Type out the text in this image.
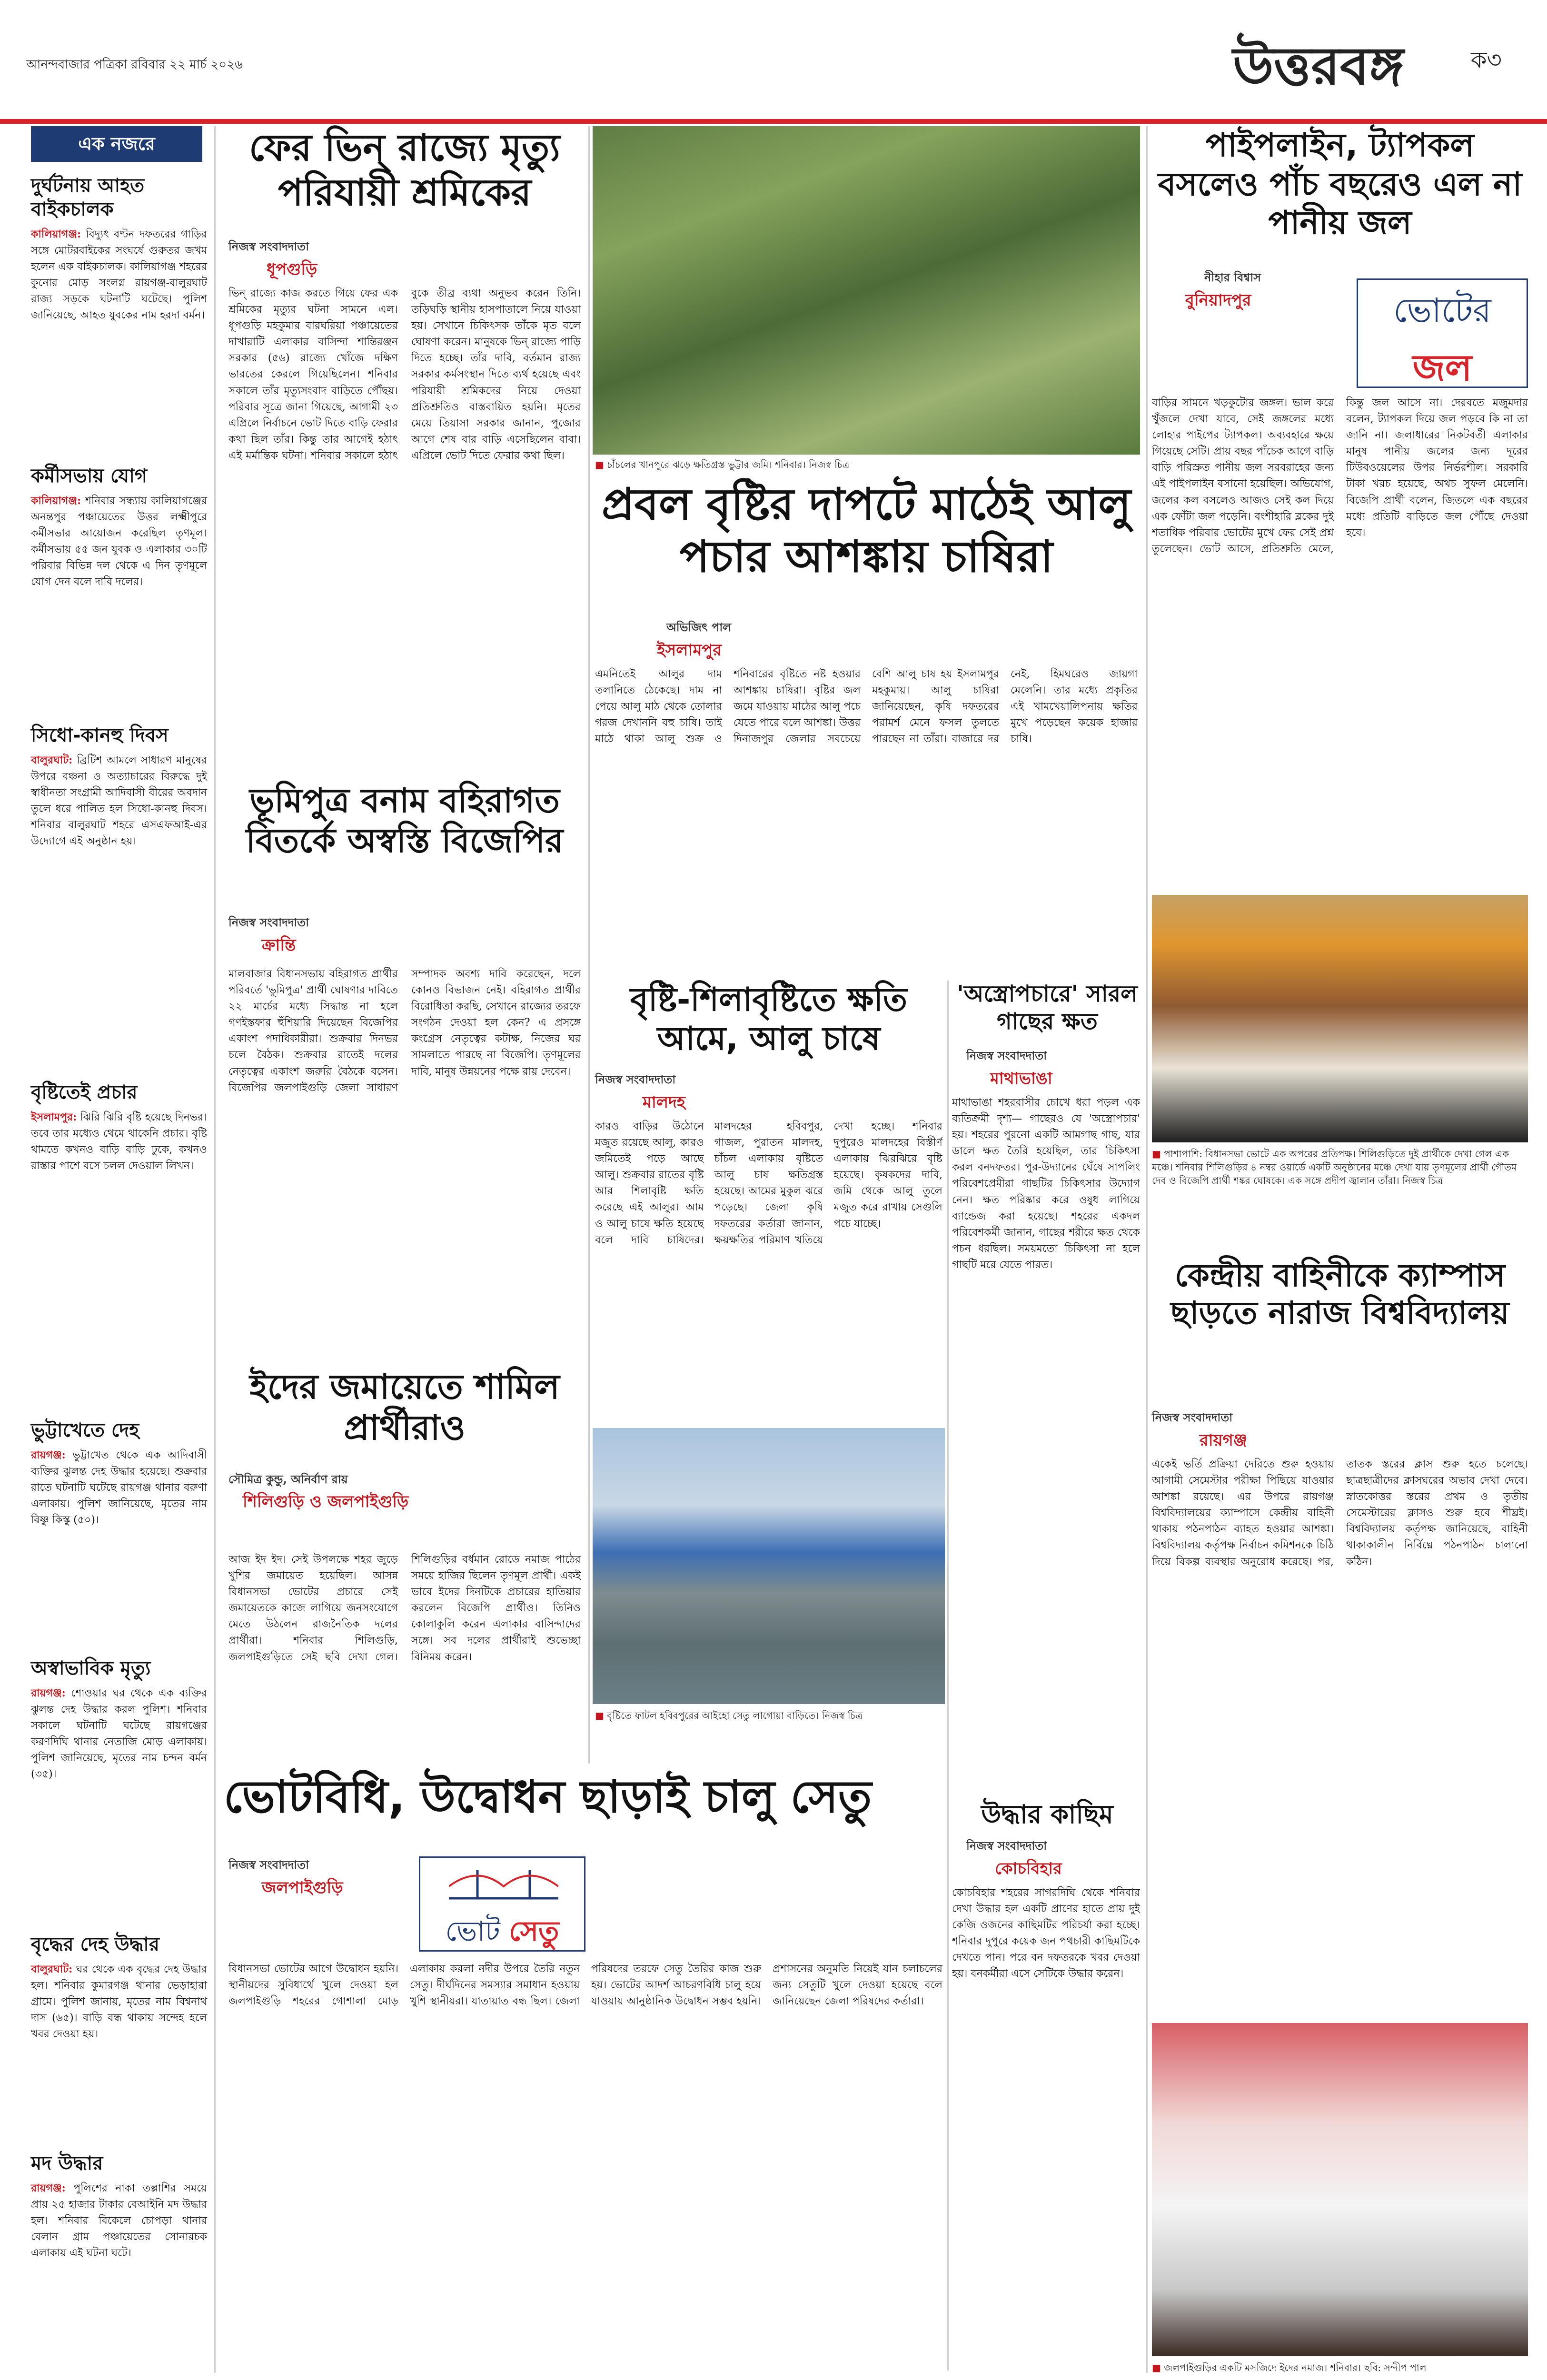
আনন্দবাজার পত্রিকা রবিবার ২২ মার্চ ২০২৬	উত্তরবঙ্গ	ক৩
এক নজরে
দুর্ঘটনায় আহত বাইকচালক

কালিয়াগঞ্জ: বিদ্যুৎ বণ্টন দফতরের গাড়ির সঙ্গে মোটরবাইকের সংঘর্ষে গুরুতর জখম হলেন এক বাইকচালক। কালিয়াগঞ্জ শহরের কুনোর মোড় সংলগ্ন রায়গঞ্জ-বালুরঘাট রাজ্য সড়কে ঘটনাটি ঘটেছে। পুলিশ জানিয়েছে, আহত যুবকের নাম হরদা বর্মন।

কর্মীসভায় যোগ

কালিয়াগঞ্জ: শনিবার সন্ধ্যায় কালিয়াগঞ্জের অনন্তপুর পঞ্চায়েতের উত্তর লক্ষ্মীপুরে কর্মীসভার আয়োজন করেছিল তৃণমূল। কর্মীসভায় ৫৫ জন যুবক ও এলাকার ৩০টি পরিবার বিভিন্ন দল থেকে এ দিন তৃণমূলে যোগ দেন বলে দাবি দলের।

সিধো-কানহু দিবস

বালুরঘাট: ব্রিটিশ আমলে সাধারণ মানুষের উপরে বঞ্চনা ও অত্যাচারের বিরুদ্ধে দুই স্বাধীনতা সংগ্রামী আদিবাসী বীরের অবদান তুলে ধরে পালিত হল সিধো-কানহু দিবস। শনিবার বালুরঘাট শহরে এসএফআই-এর উদ্যোগে এই অনুষ্ঠান হয়।

বৃষ্টিতেই প্রচার

ইসলামপুর: ঝিরি ঝিরি বৃষ্টি হয়েছে দিনভর। তবে তার মধ্যেও থেমে থাকেনি প্রচার। বৃষ্টি থামতে কখনও বাড়ি বাড়ি ঢুকে, কখনও রাস্তার পাশে বসে চলল দেওয়াল লিখন।

ভুট্টাখেতে দেহ

রায়গঞ্জ: ভুট্টাখেত থেকে এক আদিবাসী ব্যক্তির ঝুলন্ত দেহ উদ্ধার হয়েছে। শুক্রবার রাতে ঘটনাটি ঘটেছে রায়গঞ্জ থানার বরুণা এলাকায়। পুলিশ জানিয়েছে, মৃতের নাম বিষ্ণু কিস্কু (৫০)।

অস্বাভাবিক মৃত্যু

রায়গঞ্জ: শোওয়ার ঘর থেকে এক ব্যক্তির ঝুলন্ত দেহ উদ্ধার করল পুলিশ। শনিবার সকালে ঘটনাটি ঘটেছে রায়গঞ্জের করণদিঘি থানার নেতাজি মোড় এলাকায়। পুলিশ জানিয়েছে, মৃতের নাম চন্দন বর্মন (৩৫)।

বৃদ্ধের দেহ উদ্ধার

বালুরঘাট: ঘর থেকে এক বৃদ্ধের দেহ উদ্ধার হল। শনিবার কুমারগঞ্জ থানার ভেড়াহারা গ্রামে। পুলিশ জানায়, মৃতের নাম বিশ্বনাথ দাস (৬৫)। বাড়ি বন্ধ থাকায় সন্দেহ হলে খবর দেওয়া হয়।

মদ উদ্ধার

রায়গঞ্জ: পুলিশের নাকা তল্লাশির সময়ে প্রায় ২৫ হাজার টাকার বেআইনি মদ উদ্ধার হল। শনিবার বিকেলে চোপড়া থানার বেলান গ্রাম পঞ্চায়েতের সোনারচক এলাকায় এই ঘটনা ঘটে।

ফের ভিন্ রাজ্যে মৃত্যু পরিযায়ী শ্রমিকের
নিজস্ব সংবাদদাতা
ধূপগুড়ি
ভিন্ রাজ্যে কাজ করতে গিয়ে ফের এক শ্রমিকের মৃত্যুর ঘটনা সামনে এল। ধূপগুড়ি মহকুমার বারঘরিয়া পঞ্চায়েতের দাখারাটি এলাকার বাসিন্দা শান্তিরঞ্জন সরকার (৫৬) রাজ্যে খোঁজে দক্ষিণ ভারতের কেরলে গিয়েছিলেন। শনিবার সকালে তাঁর মৃত্যুসংবাদ বাড়িতে পৌঁছয়। পরিবার সূত্রে জানা গিয়েছে, আগামী ২৩ এপ্রিলে নির্বাচনে ভোট দিতে বাড়ি ফেরার কথা ছিল তাঁর। কিন্তু তার আগেই হঠাৎ এই মর্মান্তিক ঘটনা। শনিবার সকালে হঠাৎ বুকে তীব্র ব্যথা অনুভব করেন তিনি। তড়িঘড়ি স্থানীয় হাসপাতালে নিয়ে যাওয়া হয়। সেখানে চিকিৎসক তাঁকে মৃত বলে ঘোষণা করেন। মানুষকে ভিন্ রাজ্যে পাড়ি দিতে হচ্ছে। তাঁর দাবি, বর্তমান রাজ্য সরকার কর্মসংস্থান দিতে ব্যর্থ হয়েছে এবং পরিযায়ী শ্রমিকদের নিয়ে দেওয়া প্রতিশ্রুতিও বাস্তবায়িত হয়নি। মৃতের মেয়ে তিয়াসা সরকার জানান, পুজোর আগে শেষ বার বাড়ি এসেছিলেন বাবা। এপ্রিলে ভোট দিতে ফেরার কথা ছিল।
■ চাঁচলের খানপুরে ঝড়ে ক্ষতিগ্রস্ত ভুট্টার জমি। শনিবার। নিজস্ব চিত্র
প্রবল বৃষ্টির দাপটে মাঠেই আলু পচার আশঙ্কায় চাষিরা
অভিজিৎ পাল
ইসলামপুর
এমনিতেই আলুর দাম তলানিতে ঠেকেছে। দাম না পেয়ে আলু মাঠ থেকে তোলার গরজ দেখাননি বহু চাষি। তাই মাঠে থাকা আলু শুক্র ও শনিবারের বৃষ্টিতে নষ্ট হওয়ার আশঙ্কায় চাষিরা। বৃষ্টির জল জমে যাওয়ায় মাঠের আলু পচে যেতে পারে বলে আশঙ্কা। উত্তর দিনাজপুর জেলার সবচেয়ে বেশি আলু চাষ হয় ইসলামপুর মহকুমায়। আলু চাষিরা জানিয়েছেন, কৃষি দফতরের পরামর্শ মেনে ফসল তুলতে পারছেন না তাঁরা। বাজারে দর নেই, হিমঘরেও জায়গা মেলেনি। তার মধ্যে প্রকৃতির এই খামখেয়ালিপনায় ক্ষতির মুখে পড়েছেন কয়েক হাজার চাষি।
পাইপলাইন, ট্যাপকল বসলেও পাঁচ বছরেও এল না পানীয় জল
নীহার বিশ্বাস
বুনিয়াদপুর	ভোটের
জল
বাড়ির সামনে খড়কুটোর জঙ্গল। ভাল করে খুঁজলে দেখা যাবে, সেই জঙ্গলের মধ্যে লোহার পাইপের ট্যাপকল। অব্যবহারে ক্ষয়ে গিয়েছে সেটি। প্রায় বছর পাঁচেক আগে বাড়ি বাড়ি পরিস্রুত পানীয় জল সরবরাহের জন্য এই পাইপলাইন বসানো হয়েছিল। অভিযোগ, জলের কল বসলেও আজও সেই কল দিয়ে এক ফোঁটা জল পড়েনি। বংশীহারি ব্লকের দুই শতাধিক পরিবার ভোটের মুখে ফের সেই প্রশ্ন তুলেছেন। ভোট আসে, প্রতিশ্রুতি মেলে, কিন্তু জল আসে না। দেরবতে মজুমদার বলেন, ট্যাপকল দিয়ে জল পড়বে কি না তা জানি না। জলাধারের নিকটবর্তী এলাকার মানুষ পানীয় জলের জন্য দূরের টিউবওয়েলের উপর নির্ভরশীল। সরকারি টাকা খরচ হয়েছে, অথচ সুফল মেলেনি। বিজেপি প্রার্থী বলেন, জিতলে এক বছরের মধ্যে প্রতিটি বাড়িতে জল পৌঁছে দেওয়া হবে।
■ পাশাপাশি: বিধানসভা ভোটে এক অপরের প্রতিপক্ষ। শিলিগুড়িতে দুই প্রার্থীকে দেখা গেল এক মঞ্চে। শনিবার শিলিগুড়ির ৪ নম্বর ওয়ার্ডে একটি অনুষ্ঠানের মঞ্চে দেখা যায় তৃণমূলের প্রার্থী গৌতম দেব ও বিজেপি প্রার্থী শঙ্কর ঘোষকে। এক সঙ্গে প্রদীপ জ্বালান তাঁরা। নিজস্ব চিত্র
ভূমিপুত্র বনাম বহিরাগত বিতর্কে অস্বস্তি বিজেপির
নিজস্ব সংবাদদাতা
ক্রান্তি
মালবাজার বিধানসভায় বহিরাগত প্রার্থীর পরিবর্তে 'ভূমিপুত্র' প্রার্থী ঘোষণার দাবিতে ২২ মার্চের মধ্যে সিদ্ধান্ত না হলে গণইস্তফার হুঁশিয়ারি দিয়েছেন বিজেপির একাংশ পদাধিকারীরা। শুক্রবার দিনভর চলে বৈঠক। শুক্রবার রাতেই দলের নেতৃত্বের একাংশ জরুরি বৈঠকে বসেন। বিজেপির জলপাইগুড়ি জেলা সাধারণ সম্পাদক অবশ্য দাবি করেছেন, দলে কোনও বিভাজন নেই। বহিরাগত প্রার্থীর বিরোধিতা করছি, সেখানে রাজ্যের তরফে সংগঠন দেওয়া হল কেন? এ প্রসঙ্গে কংগ্রেস নেতৃত্বের কটাক্ষ, নিজের ঘর সামলাতে পারছে না বিজেপি। তৃণমূলের দাবি, মানুষ উন্নয়নের পক্ষে রায় দেবেন।
বৃষ্টি-শিলাবৃষ্টিতে ক্ষতি আমে, আলু চাষে
নিজস্ব সংবাদদাতা
মালদহ
কারও বাড়ির উঠোনে মজুত রয়েছে আলু, কারও জমিতেই পড়ে আছে আলু। শুক্রবার রাতের বৃষ্টি আর শিলাবৃষ্টি ক্ষতি করেছে এই আলুর। আম ও আলু চাষে ক্ষতি হয়েছে বলে দাবি চাষিদের। মালদহের হবিবপুর, গাজল, পুরাতন মালদহ, চাঁচল এলাকায় বৃষ্টিতে আলু চাষ ক্ষতিগ্রস্ত হয়েছে। আমের মুকুল ঝরে পড়েছে। জেলা কৃষি দফতরের কর্তারা জানান, ক্ষয়ক্ষতির পরিমাণ খতিয়ে দেখা হচ্ছে। শনিবার দুপুরেও মালদহের বিস্তীর্ণ এলাকায় ঝিরঝিরে বৃষ্টি হয়েছে। কৃষকদের দাবি, জমি থেকে আলু তুলে মজুত করে রাখায় সেগুলি পচে যাচ্ছে।
'অস্ত্রোপচারে' সারল গাছের ক্ষত
নিজস্ব সংবাদদাতা
মাথাভাঙা
মাথাভাঙা শহরবাসীর চোখে ধরা পড়ল এক ব্যতিক্রমী দৃশ্য— গাছেরও যে 'অস্ত্রোপচার' হয়। শহরের পুরনো একটি আমগাছ গাছ, যার ডালে ক্ষত তৈরি হয়েছিল, তার চিকিৎসা করল বনদফতর। পুর-উদ্যানের ঘেঁষে সাপলিং পরিবেশপ্রেমীরা গাছটির চিকিৎসার উদ্যোগ নেন। ক্ষত পরিষ্কার করে ওষুধ লাগিয়ে ব্যান্ডেজ করা হয়েছে। শহরের একদল পরিবেশকর্মী জানান, গাছের শরীরে ক্ষত থেকে পচন ধরছিল। সময়মতো চিকিৎসা না হলে গাছটি মরে যেতে পারত।
■ বৃষ্টিতে ফাটল হবিবপুরের আইহো সেতু লাগোয়া বাড়িতে। নিজস্ব চিত্র
ইদের জমায়েতে শামিল প্রার্থীরাও
সৌমিত্র কুন্ডু, অনির্বাণ রায়
শিলিগুড়ি ও জলপাইগুড়ি
আজ ইদ ইদ। সেই উপলক্ষে শহর জুড়ে খুশির জমায়েত হয়েছিল। আসন্ন বিধানসভা ভোটের প্রচারে সেই জমায়েতকে কাজে লাগিয়ে জনসংযোগে মেতে উঠলেন রাজনৈতিক দলের প্রার্থীরা। শনিবার শিলিগুড়ি, জলপাইগুড়িতে সেই ছবি দেখা গেল। শিলিগুড়ির বর্ধমান রোডে নমাজ পাঠের সময়ে হাজির ছিলেন তৃণমূল প্রার্থী। একই ভাবে ইদের দিনটিকে প্রচারের হাতিয়ার করলেন বিজেপি প্রার্থীও। তিনিও কোলাকুলি করেন এলাকার বাসিন্দাদের সঙ্গে। সব দলের প্রার্থীরাই শুভেচ্ছা বিনিময় করেন।
কেন্দ্রীয় বাহিনীকে ক্যাম্পাস ছাড়তে নারাজ বিশ্ববিদ্যালয়
নিজস্ব সংবাদদাতা
রায়গঞ্জ
একেই ভর্তি প্রক্রিয়া দেরিতে শুরু হওয়ায় আগামী সেমেস্টার পরীক্ষা পিছিয়ে যাওয়ার আশঙ্কা রয়েছে। এর উপরে রায়গঞ্জ বিশ্ববিদ্যালয়ের ক্যাম্পাসে কেন্দ্রীয় বাহিনী থাকায় পঠনপাঠন ব্যাহত হওয়ার আশঙ্কা। বিশ্ববিদ্যালয় কর্তৃপক্ষ নির্বাচন কমিশনকে চিঠি দিয়ে বিকল্প ব্যবস্থার অনুরোধ করেছে। পর, তাতক স্তরের ক্লাস শুরু হতে চলেছে। ছাত্রছাত্রীদের ক্লাসঘরের অভাব দেখা দেবে। স্নাতকোত্তর স্তরের প্রথম ও তৃতীয় সেমেস্টারের ক্লাসও শুরু হবে শীঘ্রই। বিশ্ববিদ্যালয় কর্তৃপক্ষ জানিয়েছে, বাহিনী থাকাকালীন নির্বিঘ্নে পঠনপাঠন চালানো কঠিন।
ভোটবিধি, উদ্বোধন ছাড়াই চালু সেতু
নিজস্ব সংবাদদাতা
জলপাইগুড়ি
ভোট সেতু
বিধানসভা ভোটের আগে উদ্বোধন হয়নি। স্থানীয়দের সুবিধার্থে খুলে দেওয়া হল জলপাইগুড়ি শহরের গোশালা মোড় এলাকায় করলা নদীর উপরে তৈরি নতুন সেতু। দীর্ঘদিনের সমস্যার সমাধান হওয়ায় খুশি স্থানীয়রা। যাতায়াত বন্ধ ছিল। জেলা পরিষদের তরফে সেতু তৈরির কাজ শুরু হয়। ভোটের আদর্শ আচরণবিধি চালু হয়ে যাওয়ায় আনুষ্ঠানিক উদ্বোধন সম্ভব হয়নি। প্রশাসনের অনুমতি নিয়েই যান চলাচলের জন্য সেতুটি খুলে দেওয়া হয়েছে বলে জানিয়েছেন জেলা পরিষদের কর্তারা।
উদ্ধার কাছিম
নিজস্ব সংবাদদাতা
কোচবিহার
কোচবিহার শহরের সাগরদিঘি থেকে শনিবার দেখা উদ্ধার হল একটি প্রাণের হাতে প্রায় দুই কেজি ওজনের কাছিমটির পরিচর্যা করা হচ্ছে। শনিবার দুপুরে কয়েক জন পথচারী কাছিমটিকে দেখতে পান। পরে বন দফতরকে খবর দেওয়া হয়। বনকর্মীরা এসে সেটিকে উদ্ধার করেন।
■ জলপাইগুড়ির একটি মসজিদে ইদের নমাজ। শনিবার। ছবি: সন্দীপ পাল
